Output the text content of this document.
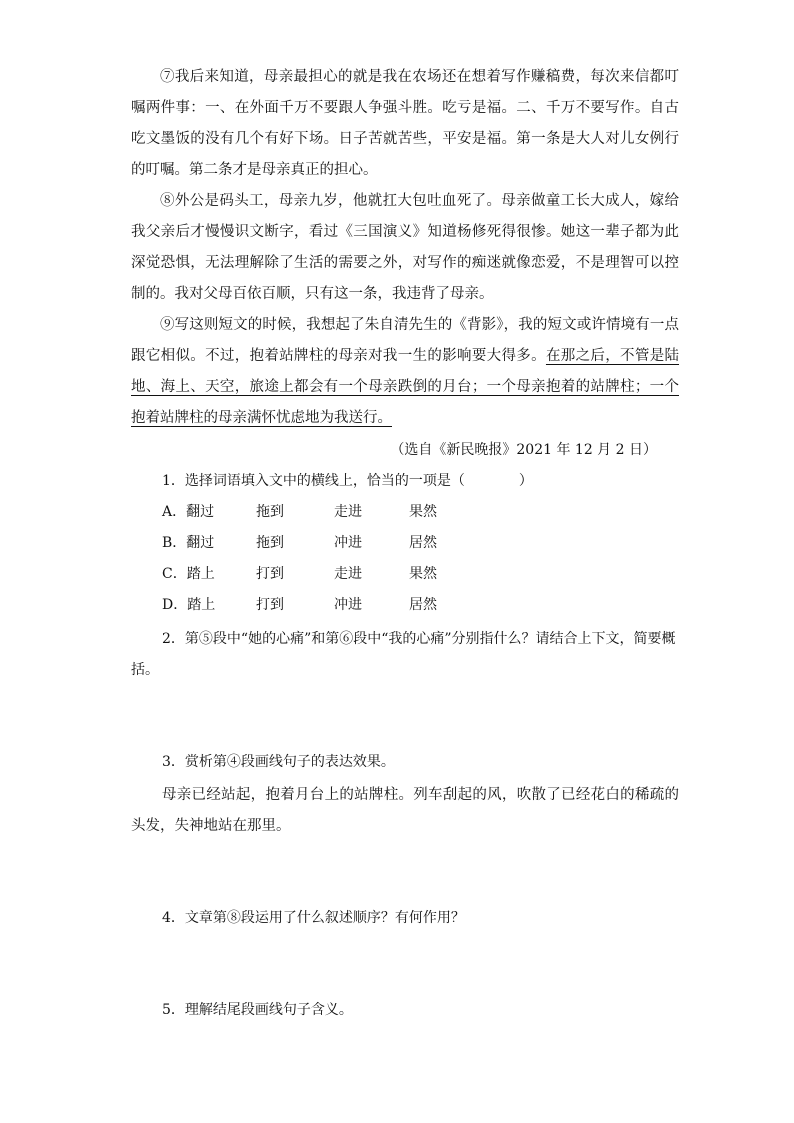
⑦我后来知道，母亲最担心的就是我在农场还在想着写作赚稿费，每次来信都叮嘱两件事：一、在外面千万不要跟人争强斗胜。吃亏是福。二、千万不要写作。自古吃文墨饭的没有几个有好下场。日子苦就苦些，平安是福。第一条是大人对儿女例行的叮嘱。第二条才是母亲真正的担心。

⑧外公是码头工，母亲九岁，他就扛大包吐血死了。母亲做童工长大成人，嫁给我父亲后才慢慢识文断字，看过《三国演义》知道杨修死得很惨。她这一辈子都为此深觉恐惧，无法理解除了生活的需要之外，对写作的痴迷就像恋爱，不是理智可以控制的。我对父母百依百顺，只有这一条，我违背了母亲。

⑨写这则短文的时候，我想起了朱自清先生的《背影》，我的短文或许情境有一点跟它相似。不过，抱着站牌柱的母亲对我一生的影响要大得多。在那之后，不管是陆地、海上、天空，旅途上都会有一个母亲跌倒的月台；一个母亲抱着的站牌柱；一个抱着站牌柱的母亲满怀忧虑地为我送行。

（选自《新民晚报》2021 年 12 月 2 日）

1．选择词语填入文中的横线上，恰当的一项是（	）

A．翻过	拖到	走进	果然
B．翻过	拖到	冲进	居然
C．踏上	打到	走进	果然
D．踏上	打到	冲进	居然

2．第⑤段中“她的心痛”和第⑥段中“我的心痛”分别指什么？请结合上下文，简要概括。

3．赏析第④段画线句子的表达效果。

母亲已经站起，抱着月台上的站牌柱。列车刮起的风，吹散了已经花白的稀疏的头发，失神地站在那里。

4．文章第⑧段运用了什么叙述顺序？有何作用？

5．理解结尾段画线句子含义。
